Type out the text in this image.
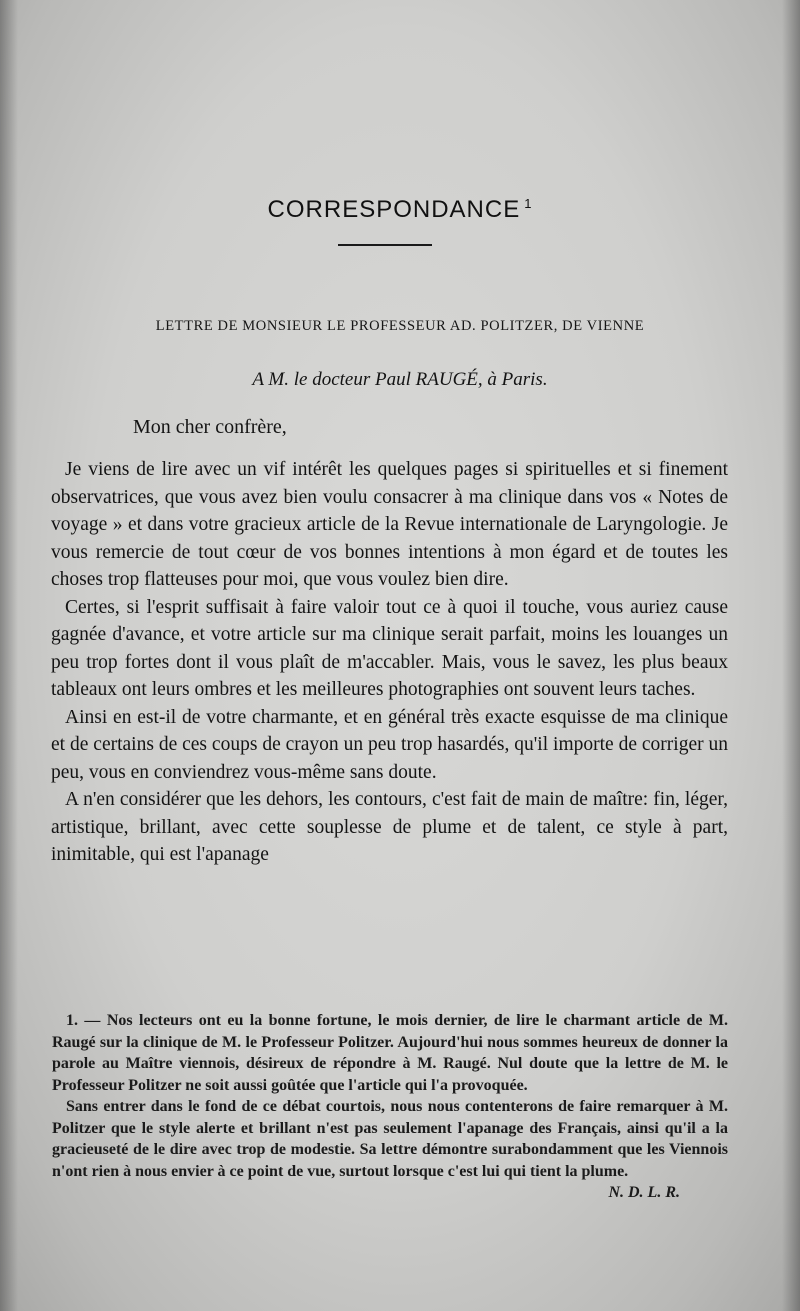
CORRESPONDANCE $^1$
LETTRE DE MONSIEUR LE PROFESSEUR AD. POLITZER, DE VIENNE
A M. le docteur Paul RAUGÉ, à Paris.
Mon cher confrère,

Je viens de lire avec un vif intérêt les quelques pages si spirituelles et si finement observatrices, que vous avez bien voulu consacrer à ma clinique dans vos « Notes de voyage » et dans votre gracieux article de la Revue internationale de Laryngologie. Je vous remercie de tout cœur de vos bonnes intentions à mon égard et de toutes les choses trop flatteuses pour moi, que vous voulez bien dire.

Certes, si l'esprit suffisait à faire valoir tout ce à quoi il touche, vous auriez cause gagnée d'avance, et votre article sur ma clinique serait parfait, moins les louanges un peu trop fortes dont il vous plaît de m'accabler. Mais, vous le savez, les plus beaux tableaux ont leurs ombres et les meilleures photographies ont souvent leurs taches.

Ainsi en est-il de votre charmante, et en général très exacte esquisse de ma clinique et de certains de ces coups de crayon un peu trop hasardés, qu'il importe de corriger un peu, vous en conviendrez vous-même sans doute.

A n'en considérer que les dehors, les contours, c'est fait de main de maître: fin, léger, artistique, brillant, avec cette souplesse de plume et de talent, ce style à part, inimitable, qui est l'apanage

1. — Nos lecteurs ont eu la bonne fortune, le mois dernier, de lire le charmant article de M. Raugé sur la clinique de M. le Professeur Politzer. Aujourd'hui nous sommes heureux de donner la parole au Maître viennois, désireux de répondre à M. Raugé. Nul doute que la lettre de M. le Professeur Politzer ne soit aussi goûtée que l'article qui l'a provoquée.

Sans entrer dans le fond de ce débat courtois, nous nous contenterons de faire remarquer à M. Politzer que le style alerte et brillant n'est pas seulement l'apanage des Français, ainsi qu'il a la gracieuseté de le dire avec trop de modestie. Sa lettre démontre surabondamment que les Viennois n'ont rien à nous envier à ce point de vue, surtout lorsque c'est lui qui tient la plume.
N. D. L. R.
